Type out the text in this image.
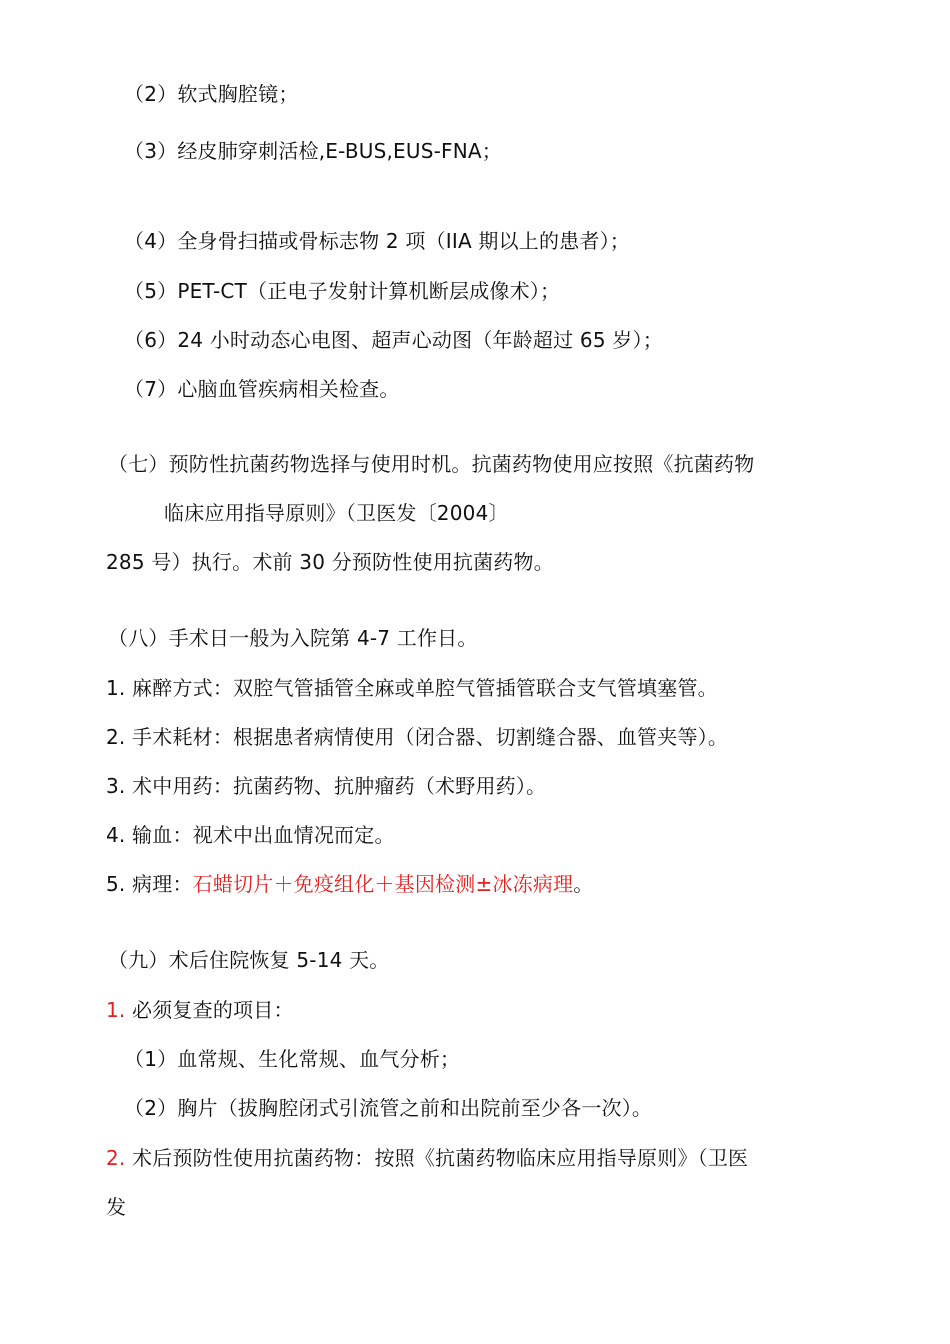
（2）软式胸腔镜；
（3）经皮肺穿刺活检,E-BUS,EUS-FNA；
（4）全身骨扫描或骨标志物 2 项（IIA 期以上的患者）；
（5）PET-CT（正电子发射计算机断层成像术）；
（6）24 小时动态心电图、超声心动图（年龄超过 65 岁）；
（7）心脑血管疾病相关检查。
（七）预防性抗菌药物选择与使用时机。抗菌药物使用应按照《抗菌药物
临床应用指导原则》（卫医发〔2004〕
285 号）执行。术前 30 分预防性使用抗菌药物。
（八）手术日一般为入院第 4-7 工作日。
1. 麻醉方式：双腔气管插管全麻或单腔气管插管联合支气管填塞管。
2. 手术耗材：根据患者病情使用（闭合器、切割缝合器、血管夹等）。
3. 术中用药：抗菌药物、抗肿瘤药（术野用药）。
4. 输血：视术中出血情况而定。
5. 病理：石蜡切片＋免疫组化＋基因检测±冰冻病理。
（九）术后住院恢复 5-14 天。
1. 必须复查的项目：
（1）血常规、生化常规、血气分析；
（2）胸片（拔胸腔闭式引流管之前和出院前至少各一次）。
2. 术后预防性使用抗菌药物：按照《抗菌药物临床应用指导原则》（卫医
发
